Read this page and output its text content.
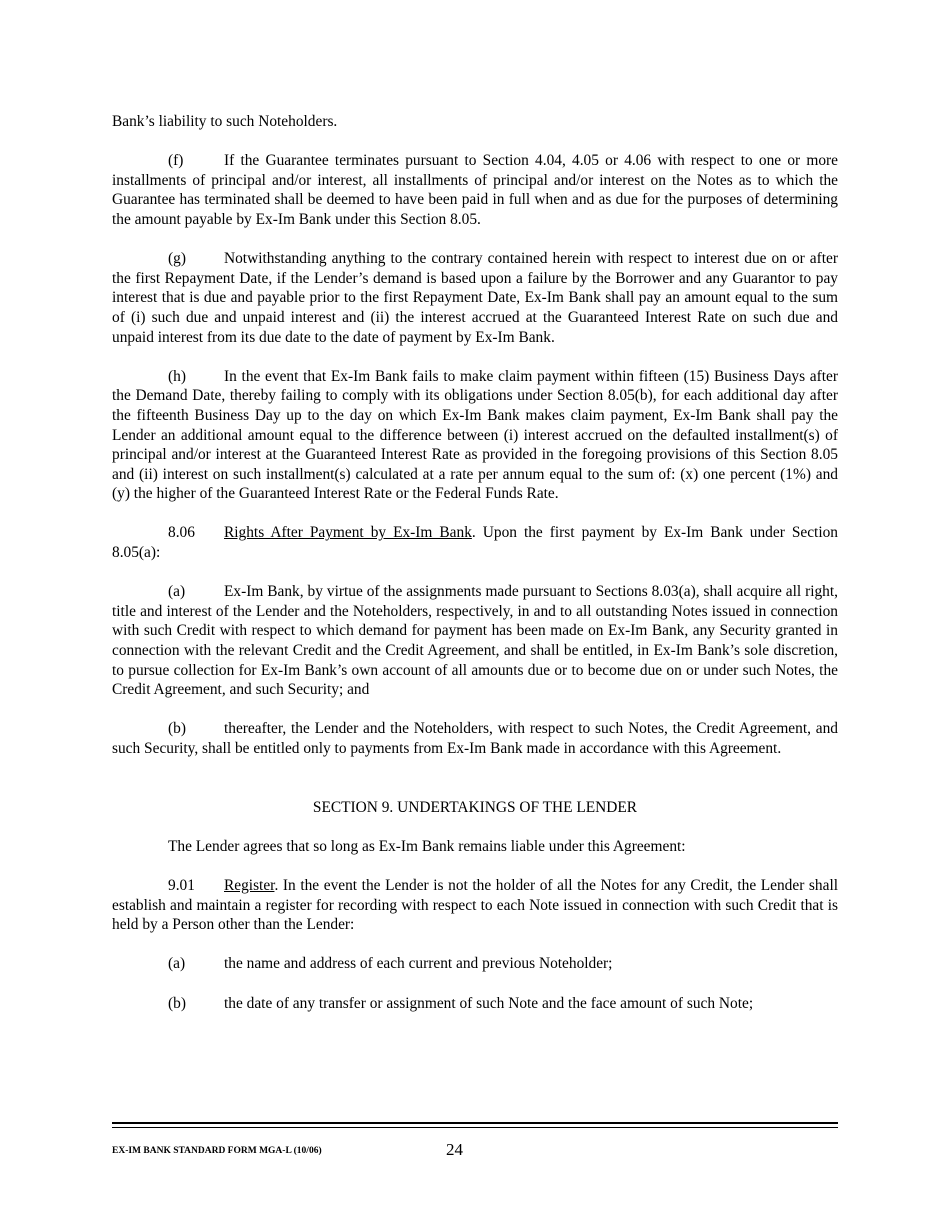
Bank’s liability to such Noteholders.

(f)	If the Guarantee terminates pursuant to Section 4.04, 4.05 or 4.06 with respect to one or more installments of principal and/or interest, all installments of principal and/or interest on the Notes as to which the Guarantee has terminated shall be deemed to have been paid in full when and as due for the purposes of determining the amount payable by Ex-Im Bank under this Section 8.05.

(g) Notwithstanding anything to the contrary contained herein with respect to interest due on or after the first Repayment Date, if the Lender’s demand is based upon a failure by the Borrower and any Guarantor to pay interest that is due and payable prior to the first Repayment Date, Ex-Im Bank shall pay an amount equal to the sum of (i) such due and unpaid interest and (ii) the interest accrued at the Guaranteed Interest Rate on such due and unpaid interest from its due date to the date of payment by Ex-Im Bank.

(h) In the event that Ex-Im Bank fails to make claim payment within fifteen (15) Business Days after the Demand Date, thereby failing to comply with its obligations under Section 8.05(b), for each additional day after the fifteenth Business Day up to the day on which Ex-Im Bank makes claim payment, Ex-Im Bank shall pay the Lender an additional amount equal to the difference between (i) interest accrued on the defaulted installment(s) of principal and/or interest at the Guaranteed Interest Rate as provided in the foregoing provisions of this Section 8.05 and (ii) interest on such installment(s) calculated at a rate per annum equal to the sum of: (x) one percent (1%) and (y) the higher of the Guaranteed Interest Rate or the Federal Funds Rate.

8.06 Rights After Payment by Ex-Im Bank. Upon the first payment by Ex-Im Bank under Section 8.05(a):

(a)	Ex-Im Bank, by virtue of the assignments made pursuant to Sections 8.03(a), shall acquire all right, title and interest of the Lender and the Noteholders, respectively, in and to all outstanding Notes issued in connection with such Credit with respect to which demand for payment has been made on Ex-Im Bank, any Security granted in connection with the relevant Credit and the Credit Agreement, and shall be entitled, in Ex-Im Bank’s sole discretion, to pursue collection for Ex-Im Bank’s own account of all amounts due or to become due on or under such Notes, the Credit Agreement, and such Security; and

(b) thereafter, the Lender and the Noteholders, with respect to such Notes, the Credit Agreement, and such Security, shall be entitled only to payments from Ex-Im Bank made in accordance with this Agreement.

SECTION 9. UNDERTAKINGS OF THE LENDER

The Lender agrees that so long as Ex-Im Bank remains liable under this Agreement:

9.01 Register. In the event the Lender is not the holder of all the Notes for any Credit, the Lender shall establish and maintain a register for recording with respect to each Note issued in connection with such Credit that is held by a Person other than the Lender:

(a)	the name and address of each current and previous Noteholder;

(b)	the date of any transfer or assignment of such Note and the face amount of such Note;

EX-IM BANK STANDARD FORM MGA-L (10/06)	24
